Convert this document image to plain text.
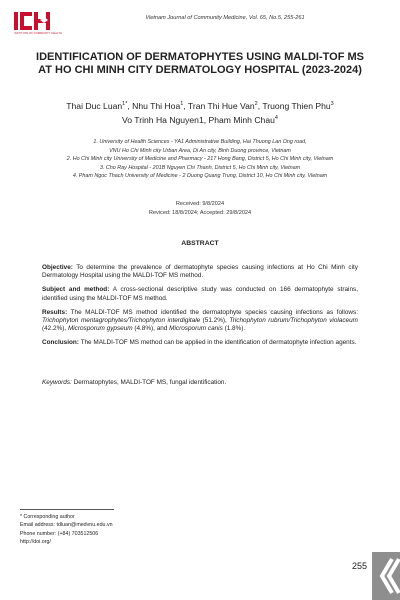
INSTITUTE OF COMMUNITY HEALTH
Vietnam Journal of Community Medicine, Vol. 65, No.5, 255-261
IDENTIFICATION OF DERMATOPHYTES USING MALDI-TOF MS
AT HO CHI MINH CITY DERMATOLOGY HOSPITAL (2023-2024)
Thai Duc Luan$^{1*}$, Nhu Thi Hoa$^1$, Tran Thi Hue Van$^2$, Truong Thien Phu$^3$
Vo Trinh Ha Nguyen1, Pham Minh Chau$^4$
1. University of Health Sciences - YA1 Administrative Building, Hai Thuong Lan Ong road,
VNU Ho Chi Minh city Urban Area, Di An city, Binh Duong province, Vietnam
2. Ho Chi Minh city University of Medicine and Pharmacy - 217 Hong Bang, District 5, Ho Chi Minh city, Vietnam
3. Cho Ray Hospital - 201B Nguyen Chi Thanh, District 5, Ho Chi Minh city, Vietnam
4. Pham Ngoc Thach University of Medicine - 2 Duong Quang Trung, District 10, Ho Chi Minh city, Vietnam
Received: 9/8/2024
Reviced: 18/8/2024; Accepted: 29/8/2024
ABSTRACT

Objective: To determine the prevalence of dermatophyte species causing infections at Ho Chi Minh city Dermatology Hospital using the MALDI-TOF MS method.

Subject and method: A cross-sectional descriptive study was conducted on 166 dermatophyte strains, identified using the MALDI-TOF MS method.

Results: The MALDI-TOF MS method identified the dermatophyte species causing infections as follows: Trichophyton mentagrophytes/Trichophyton interdigitale (51.2%), Trichophyton rubrum/Trichophyton violaceum (42.2%), Microsporum gypseum (4.8%), and Microsporum canis (1.8%).

Conclusion: The MALDI-TOF MS method can be applied in the identification of dermatophyte infection agents.

Keywords: Dermatophytes, MALDI-TOF MS, fungal identification.
* Corresponding author
Email address: tdluan@medvnu.edu.vn
Phone number: (+84) 703512506
http://doi.org/
255
